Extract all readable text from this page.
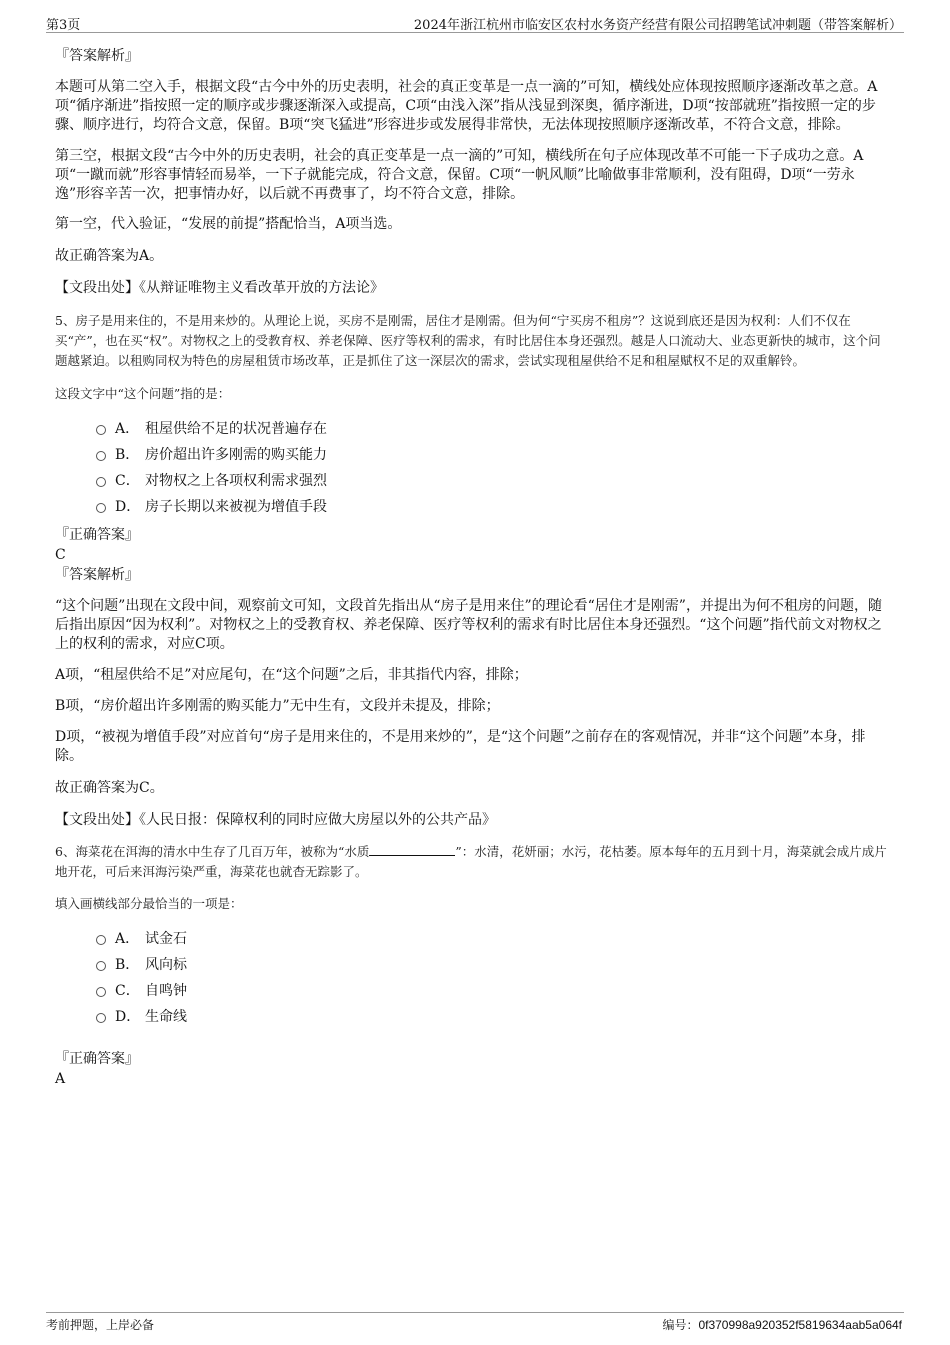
第3页	2024年浙江杭州市临安区农村水务资产经营有限公司招聘笔试冲刺题（带答案解析）

『答案解析』

本题可从第二空入手，根据文段“古今中外的历史表明，社会的真正变革是一点一滴的”可知，横线处应体现按照顺序逐渐改革之意。A项“循序渐进”指按照一定的顺序或步骤逐渐深入或提高，C项“由浅入深”指从浅显到深奥，循序渐进，D项“按部就班”指按照一定的步骤、顺序进行，均符合文意，保留。B项“突飞猛进”形容进步或发展得非常快，无法体现按照顺序逐渐改革，不符合文意，排除。

第三空，根据文段“古今中外的历史表明，社会的真正变革是一点一滴的”可知，横线所在句子应体现改革不可能一下子成功之意。A项“一蹴而就”形容事情轻而易举，一下子就能完成，符合文意，保留。C项“一帆风顺”比喻做事非常顺利，没有阻碍，D项“一劳永逸”形容辛苦一次，把事情办好，以后就不再费事了，均不符合文意，排除。

第一空，代入验证，“发展的前提”搭配恰当，A项当选。

故正确答案为A。

【文段出处】《从辩证唯物主义看改革开放的方法论》

5、房子是用来住的，不是用来炒的。从理论上说，买房不是刚需，居住才是刚需。但为何“宁买房不租房”？这说到底还是因为权利：人们不仅在买“产”，也在买“权”。对物权之上的受教育权、养老保障、医疗等权利的需求，有时比居住本身还强烈。越是人口流动大、业态更新快的城市，这个问题越紧迫。以租购同权为特色的房屋租赁市场改革，正是抓住了这一深层次的需求，尝试实现租屋供给不足和租屋赋权不足的双重解铃。

这段文字中“这个问题”指的是：

A． 租屋供给不足的状况普遍存在
B． 房价超出许多刚需的购买能力
C． 对物权之上各项权利需求强烈
D． 房子长期以来被视为增值手段

『正确答案』

C

『答案解析』

“这个问题”出现在文段中间，观察前文可知，文段首先指出从“房子是用来住”的理论看“居住才是刚需”，并提出为何不租房的问题，随后指出原因“因为权利”。对物权之上的受教育权、养老保障、医疗等权利的需求有时比居住本身还强烈。“这个问题”指代前文对物权之上的权利的需求，对应C项。

A项，“租屋供给不足”对应尾句，在“这个问题”之后，非其指代内容，排除；

B项，“房价超出许多刚需的购买能力”无中生有，文段并未提及，排除；

D项，“被视为增值手段”对应首句“房子是用来住的，不是用来炒的”，是“这个问题”之前存在的客观情况，并非“这个问题”本身，排除。

故正确答案为C。

【文段出处】《人民日报：保障权利的同时应做大房屋以外的公共产品》

6、海菜花在洱海的清水中生存了几百万年，被称为“水质	”：水清，花妍丽；水污，花枯萎。原本每年的五月到十月，海菜就会成片成片地开花，可后来洱海污染严重，海菜花也就杳无踪影了。

填入画横线部分最恰当的一项是：

A． 试金石
B． 风向标
C． 自鸣钟
D． 生命线

『正确答案』

A

考前押题，上岸必备	编号：0f370998a920352f5819634aab5a064f
